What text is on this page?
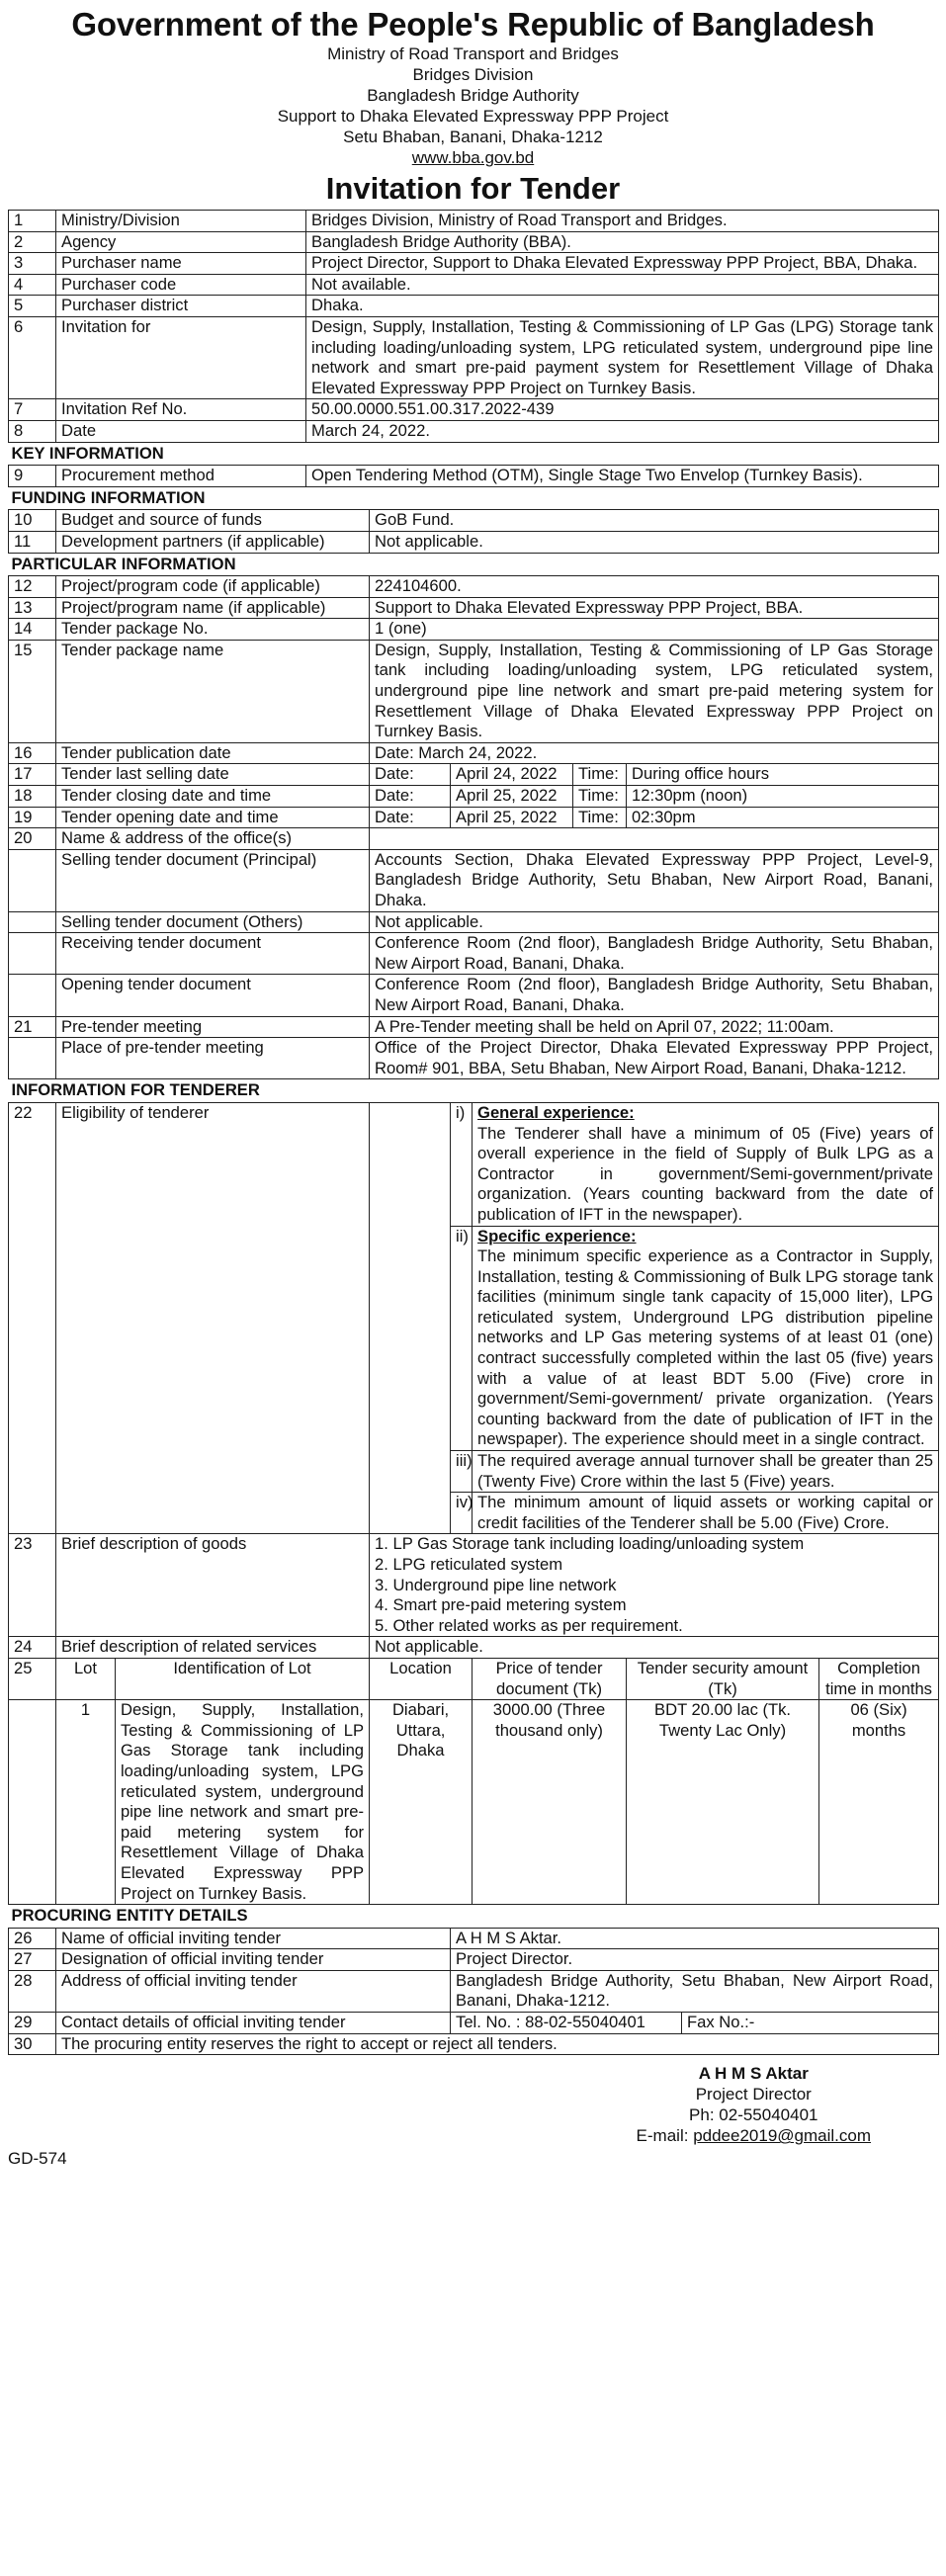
Government of the People's Republic of Bangladesh
Ministry of Road Transport and Bridges
Bridges Division
Bangladesh Bridge Authority
Support to Dhaka Elevated Expressway PPP Project
Setu Bhaban, Banani, Dhaka-1212
www.bba.gov.bd
Invitation for Tender
1	Ministry/Division		Bridges Division, Ministry of Road Transport and Bridges.							
2	Agency		Bangladesh Bridge Authority (BBA).							
3	Purchaser name		Project Director, Support to Dhaka Elevated Expressway PPP Project, BBA, Dhaka.							
4	Purchaser code		Not available.							
5	Purchaser district		Dhaka.							
6	Invitation for		Design, Supply, Installation, Testing & Commissioning of LP Gas (LPG) Storage tank including loading/unloading system, LPG reticulated system, underground pipe line network and smart pre-paid payment system for Resettlement Village of Dhaka Elevated Expressway PPP Project on Turnkey Basis.							
7	Invitation Ref No.		50.00.0000.551.00.317.2022-439							
8	Date		March 24, 2022.							
KEY INFORMATION										
9	Procurement method		Open Tendering Method (OTM), Single Stage Two Envelop (Turnkey Basis).							
FUNDING INFORMATION										
10	Budget and source of funds			GoB Fund.						
11	Development partners (if applicable)			Not applicable.						
PARTICULAR INFORMATION										
12	Project/program code (if applicable)			224104600.						
13	Project/program name (if applicable)			Support to Dhaka Elevated Expressway PPP Project, BBA.						
14	Tender package No.			1 (one)						
15	Tender package name			Design, Supply, Installation, Testing & Commissioning of LP Gas Storage tank including loading/unloading system, LPG reticulated system, underground pipe line network and smart pre-paid metering system for Resettlement Village of Dhaka Elevated Expressway PPP Project on Turnkey Basis.						
16	Tender publication date			Date: March 24, 2022.						
17	Tender last selling date			Date:	April 24, 2022		Time:	During office hours		
18	Tender closing date and time			Date:	April 25, 2022		Time:	12:30pm (noon)		
19	Tender opening date and time			Date:	April 25, 2022		Time:	02:30pm		
20	Name & address of the office(s)									
	Selling tender document (Principal)			Accounts Section, Dhaka Elevated Expressway PPP Project, Level-9, Bangladesh Bridge Authority, Setu Bhaban, New Airport Road, Banani, Dhaka.						
	Selling tender document (Others)			Not applicable.						
	Receiving tender document			Conference Room (2nd floor), Bangladesh Bridge Authority, Setu Bhaban, New Airport Road, Banani, Dhaka.						
	Opening tender document			Conference Room (2nd floor), Bangladesh Bridge Authority, Setu Bhaban, New Airport Road, Banani, Dhaka.						
21	Pre-tender meeting			A Pre-Tender meeting shall be held on April 07, 2022; 11:00am.						
	Place of pre-tender meeting			Office of the Project Director, Dhaka Elevated Expressway PPP Project, Room# 901, BBA, Setu Bhaban, New Airport Road, Banani, Dhaka-1212.						
INFORMATION FOR TENDERER										
22	Eligibility of tenderer				i)	General experience:
The Tenderer shall have a minimum of 05 (Five) years of overall experience in the field of Supply of Bulk LPG as a Contractor in government/Semi-government/private organization. (Years counting backward from the date of publication of IFT in the newspaper).				

					ii)	Specific experience:
The minimum specific experience as a Contractor in Supply, Installation, testing & Commissioning of Bulk LPG storage tank facilities (minimum single tank capacity of 15,000 liter), LPG reticulated system, Underground LPG distribution pipeline networks and LP Gas metering systems of at least 01 (one) contract successfully completed within the last 05 (five) years with a value of at least BDT 5.00 (Five) crore in government/Semi-government/ private organization. (Years counting backward from the date of publication of IFT in the newspaper). The experience should meet in a single contract.				

					iii)	The required average annual turnover shall be greater than 25 (Twenty Five) Crore within the last 5 (Five) years.				
					iv)	The minimum amount of liquid assets or working capital or credit facilities of the Tenderer shall be 5.00 (Five) Crore.				
23	Brief description of goods			1. LP Gas Storage tank including loading/unloading system
2. LPG reticulated system
3. Underground pipe line network
4. Smart pre-paid metering system
5. Other related works as per requirement.						

24	Brief description of related services			Not applicable.						
25	Lot	Identification of Lot		Location		Price of tender document (Tk)		Tender security amount (Tk)		Completion time in months
	1	Design, Supply, Installation, Testing & Commissioning of LP Gas Storage tank including loading/unloading system, LPG reticulated system, underground pipe line network and smart pre-paid metering system for Resettlement Village of Dhaka Elevated Expressway PPP Project on Turnkey Basis.		Diabari, Uttara, Dhaka		3000.00 (Three thousand only)		BDT 20.00 lac (Tk. Twenty Lac Only)		06 (Six) months
PROCURING ENTITY DETAILS										
26	Name of official inviting tender				A H M S Aktar.					
27	Designation of official inviting tender				Project Director.					
28	Address of official inviting tender				Bangladesh Bridge Authority, Setu Bhaban, New Airport Road, Banani, Dhaka-1212.					
29	Contact details of official inviting tender				Tel. No. : 88-02-55040401				Fax No.:-	
30	The procuring entity reserves the right to accept or reject all tenders.									
A H M S Aktar
Project Director
Ph: 02-55040401
E-mail: pddee2019@gmail.com
GD-574
